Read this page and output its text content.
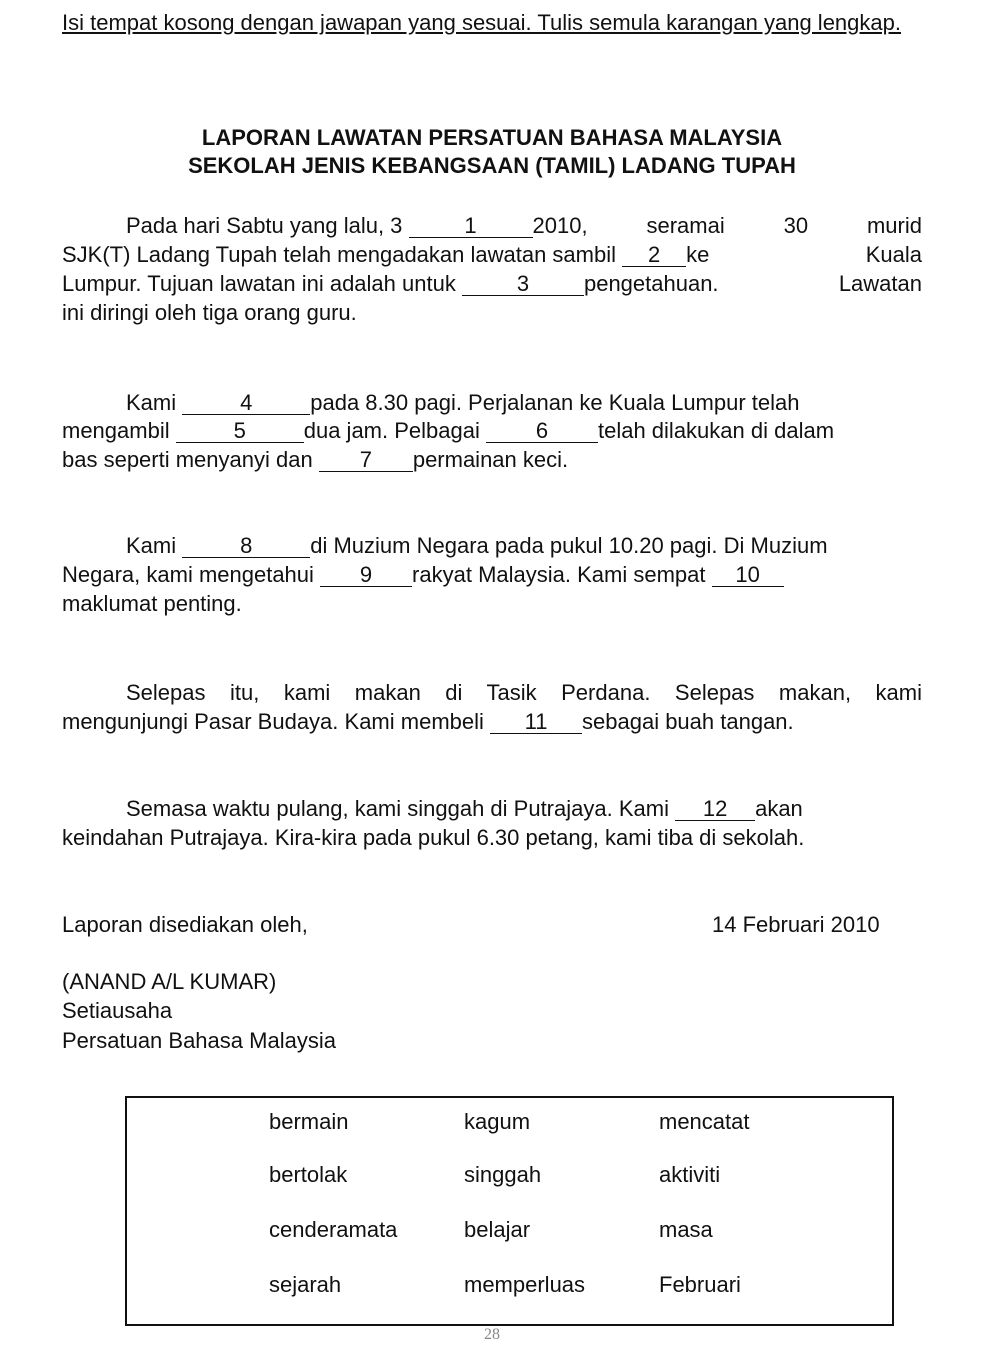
Isi tempat kosong dengan jawapan yang sesuai. Tulis semula karangan yang lengkap.
LAPORAN LAWATAN PERSATUAN BAHASA MALAYSIA
SEKOLAH JENIS KEBANGSAAN (TAMIL) LADANG TUPAH
Pada hari Sabtu yang lalu, 3	1	2010,	seramai	30	murid
SJK(T) Ladang Tupah telah mengadakan lawatan sambil 2 ke	Kuala
Lumpur. Tujuan lawatan ini adalah untuk	3 pengetahuan.	Lawatan
ini diringi oleh tiga orang guru.
Kami	4	pada 8.30 pagi. Perjalanan ke Kuala Lumpur telah
mengambil	5	dua jam. Pelbagai	6 telah dilakukan di dalam
bas seperti menyanyi dan 7 permainan keci.
Kami	8	di Muzium Negara pada pukul 10.20 pagi. Di Muzium
Negara, kami mengetahui 9 rakyat Malaysia. Kami sempat 10
maklumat penting.
Selepas itu, kami makan di Tasik Perdana. Selepas makan, kami
mengunjungi Pasar Budaya. Kami membeli 11 sebagai buah tangan.
Semasa waktu pulang, kami singgah di Putrajaya. Kami 12 akan
keindahan Putrajaya. Kira-kira pada pukul 6.30 petang, kami tiba di sekolah.
Laporan disediakan oleh,	14 Februari 2010
(ANAND A/L KUMAR)
Setiausaha
Persatuan Bahasa Malaysia
bermain	kagum	mencatat
bertolak	singgah	aktiviti
cenderamata	belajar	masa
sejarah	memperluas	Februari
28
